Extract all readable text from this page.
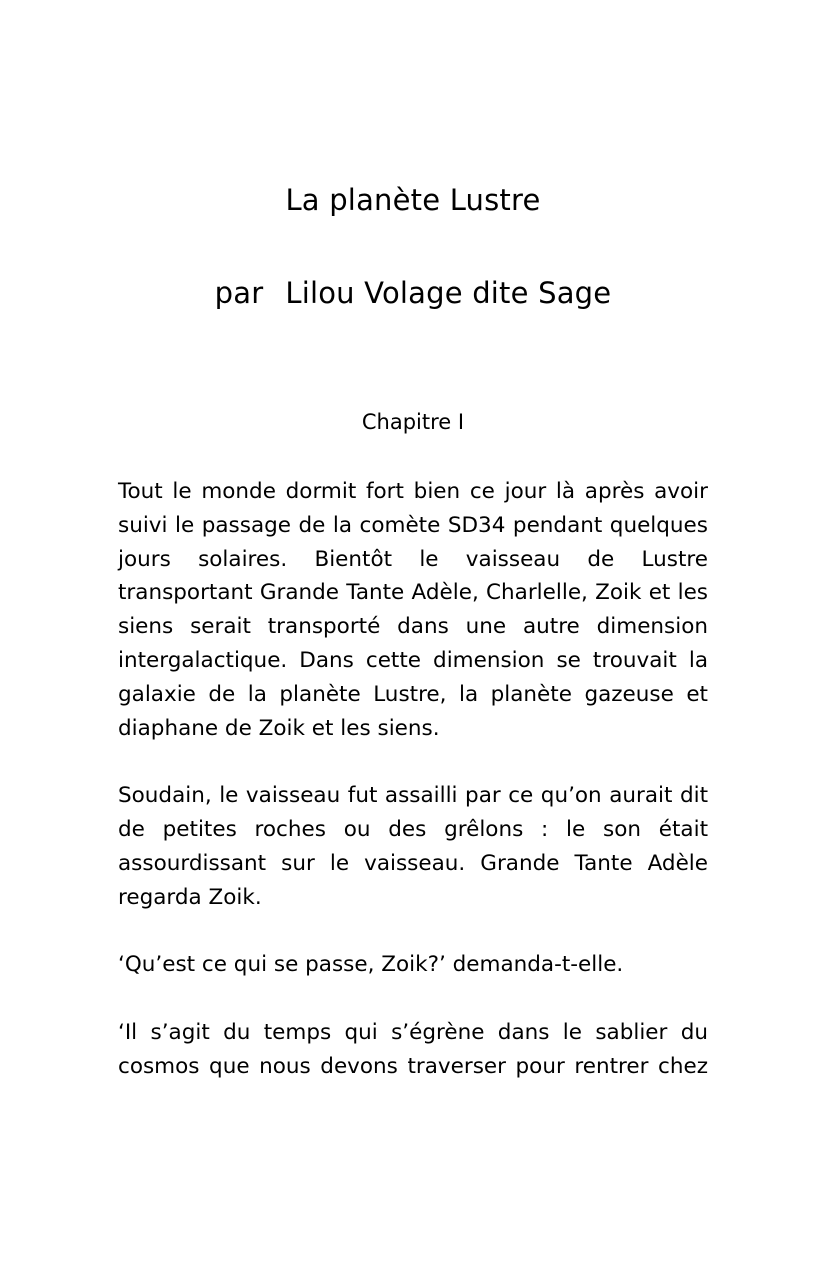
La planète Lustre
par Lilou Volage dite Sage
Chapitre I

Tout le monde dormit fort bien ce jour là après avoir suivi le passage de la comète SD34 pendant quelques jours solaires. Bientôt le vaisseau de Lustre transportant Grande Tante Adèle, Charlelle, Zoik et les siens serait transporté dans une autre dimension intergalactique. Dans cette dimension se trouvait la galaxie de la planète Lustre, la planète gazeuse et diaphane de Zoik et les siens.

Soudain, le vaisseau fut assailli par ce qu’on aurait dit de petites roches ou des grêlons : le son était assourdissant sur le vaisseau. Grande Tante Adèle regarda Zoik.

‘Qu’est ce qui se passe, Zoik?’ demanda-t-elle.

‘Il s’agit du temps qui s’égrène dans le sablier du cosmos que nous devons traverser pour rentrer chez
